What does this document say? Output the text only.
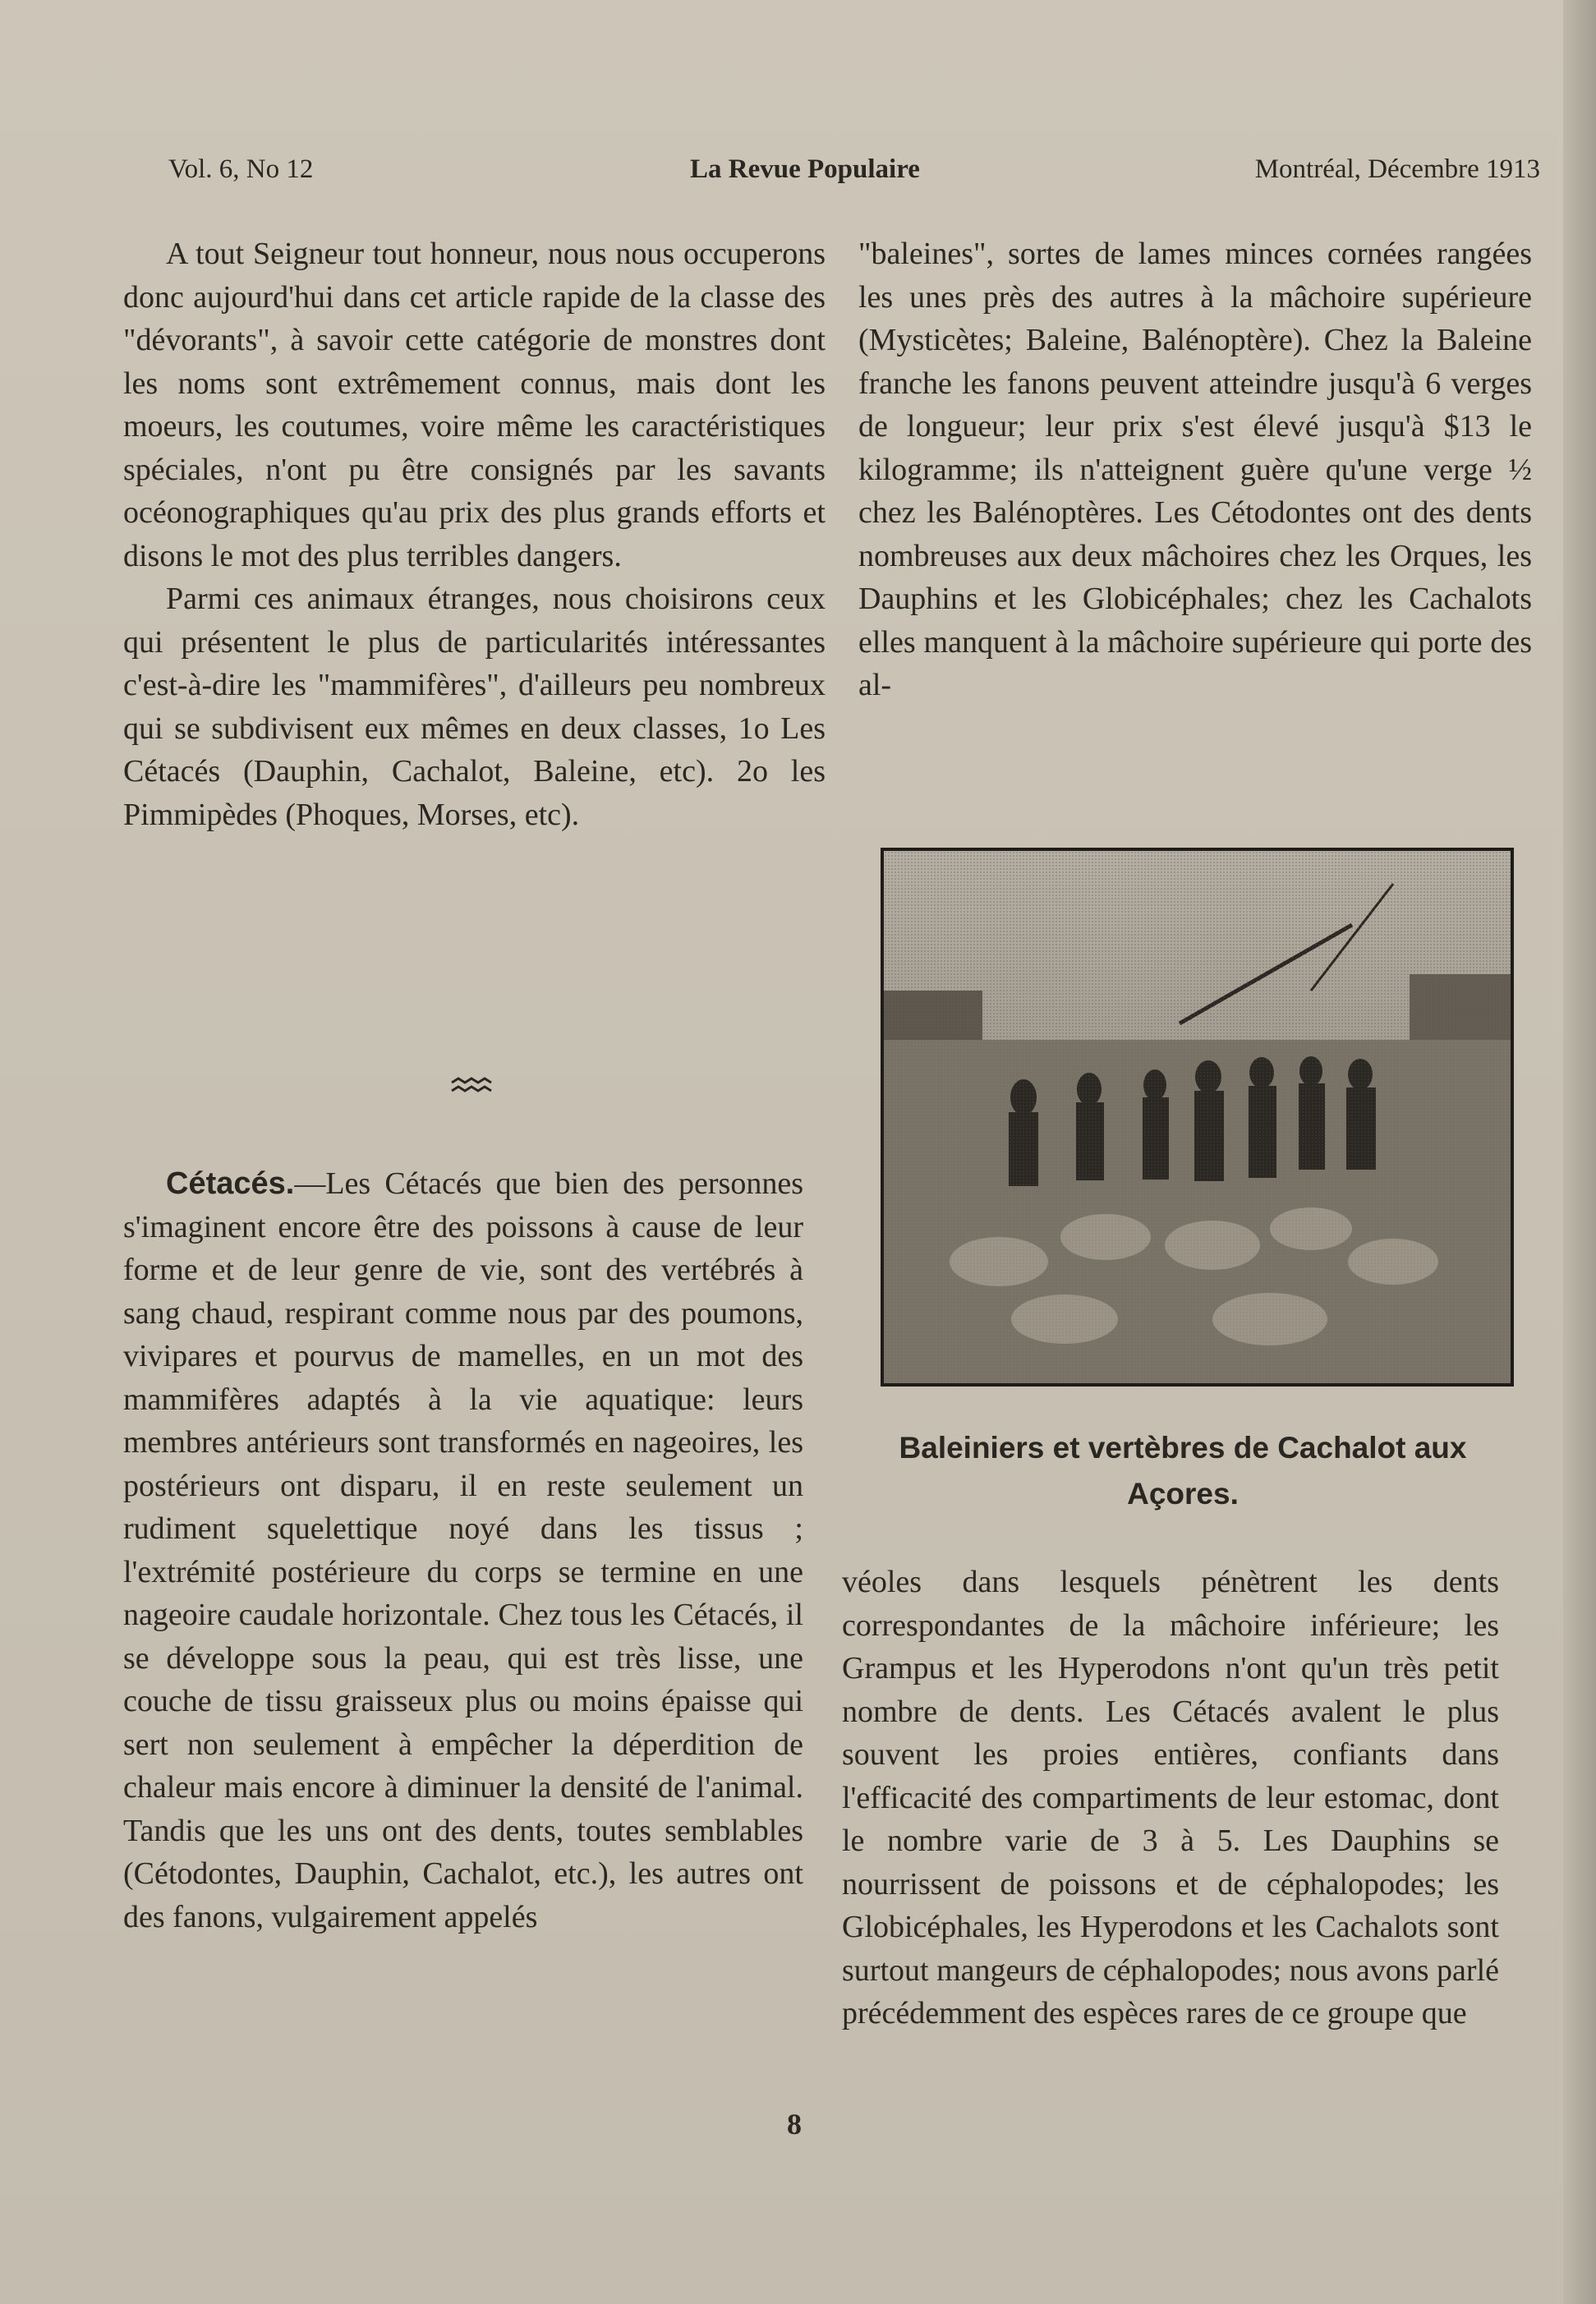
Vol. 6, No 12	La Revue Populaire	Montréal, Décembre 1913

A tout Seigneur tout honneur, nous nous occuperons donc aujourd'hui dans cet article rapide de la classe des "dévorants", à savoir cette catégorie de monstres dont les noms sont extrêmement connus, mais dont les moeurs, les coutumes, voire même les caractéristiques spéciales, n'ont pu être consignés par les savants océonographiques qu'au prix des plus grands efforts et disons le mot des plus terribles dangers.

Parmi ces animaux étranges, nous choisirons ceux qui présentent le plus de particularités intéressantes c'est-à-dire les "mammifères", d'ailleurs peu nombreux qui se subdivisent eux mêmes en deux classes, 1o Les Cétacés (Dauphin, Cachalot, Baleine, etc). 2o les Pimmipèdes (Phoques, Morses, etc).

Cétacés.—Les Cétacés que bien des personnes s'imaginent encore être des poissons à cause de leur forme et de leur genre de vie, sont des vertébrés à sang chaud, respirant comme nous par des poumons, vivipares et pourvus de mamelles, en un mot des mammifères adaptés à la vie aquatique: leurs membres antérieurs sont transformés en nageoires, les postérieurs ont disparu, il en reste seulement un rudiment squelettique noyé dans les tissus ; l'extrémité postérieure du corps se termine en une nageoire caudale horizontale. Chez tous les Cétacés, il se développe sous la peau, qui est très lisse, une couche de tissu graisseux plus ou moins épaisse qui sert non seulement à empêcher la déperdition de chaleur mais encore à diminuer la densité de l'animal. Tandis que les uns ont des dents, toutes semblables (Cétodontes, Dauphin, Cachalot, etc.), les autres ont des fanons, vulgairement appelés

"baleines", sortes de lames minces cornées rangées les unes près des autres à la mâchoire supérieure (Mysticètes; Baleine, Balénoptère). Chez la Baleine franche les fanons peuvent atteindre jusqu'à 6 verges de longueur; leur prix s'est élevé jusqu'à $13 le kilogramme; ils n'atteignent guère qu'une verge ½ chez les Balénoptères. Les Cétodontes ont des dents nombreuses aux deux mâchoires chez les Orques, les Dauphins et les Globicéphales; chez les Cachalots elles manquent à la mâchoire supérieure qui porte des al-

Baleiniers et vertèbres de Cachalot aux Açores.

véoles dans lesquels pénètrent les dents correspondantes de la mâchoire inférieure; les Grampus et les Hyperodons n'ont qu'un très petit nombre de dents. Les Cétacés avalent le plus souvent les proies entières, confiants dans l'efficacité des compartiments de leur estomac, dont le nombre varie de 3 à 5. Les Dauphins se nourrissent de poissons et de céphalopodes; les Globicéphales, les Hyperodons et les Cachalots sont surtout mangeurs de céphalopodes; nous avons parlé précédemment des espèces rares de ce groupe que

8
